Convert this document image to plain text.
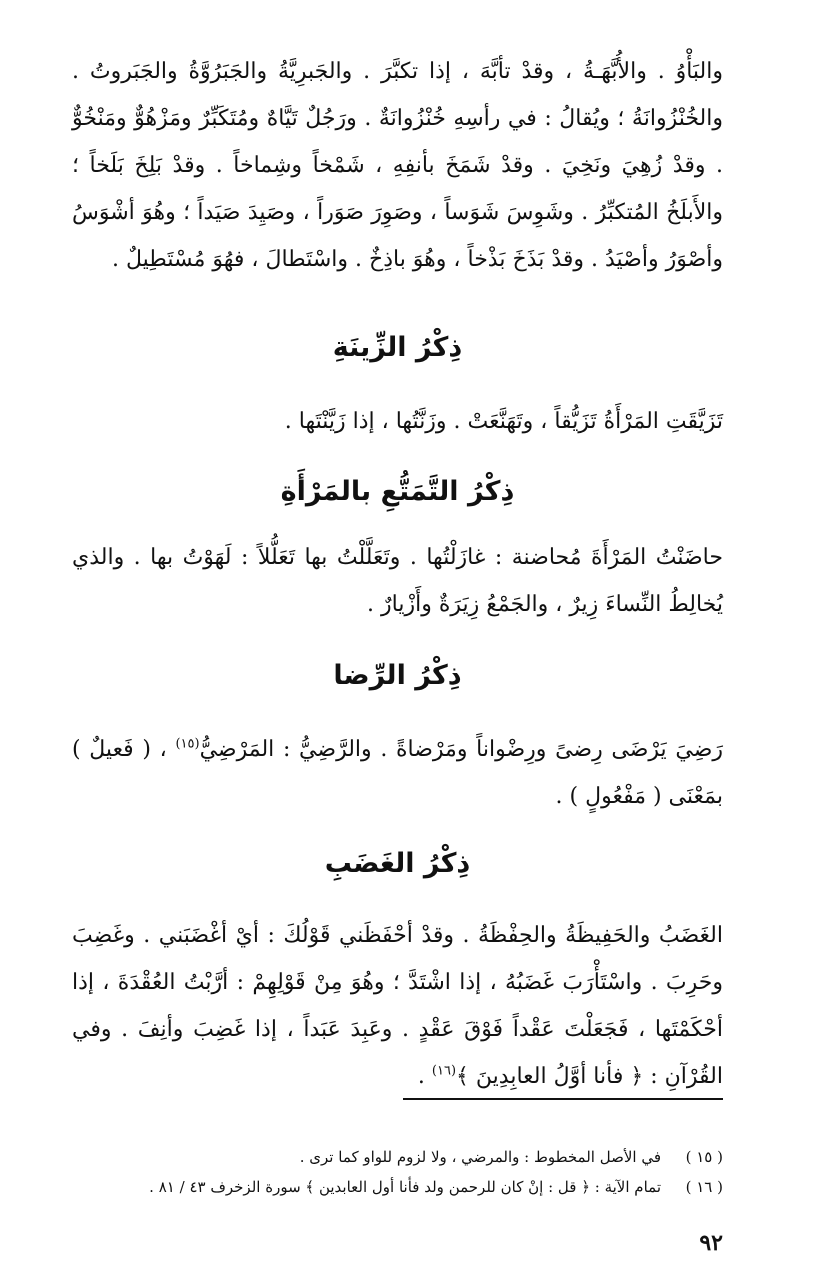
والبَأْوُ . والأُبَّهَـةُ ، وقدْ تأبَّهَ ، إذا تكبَّرَ . والجَبرِيَّةُ والجَبَرُوَّةُ والجَبَروتُ . والخُنْزُوانَةُ ؛ ويُقالُ : في رأسِهِ خُنْزُوانَةٌ . ورَجُلٌ تَيَّاهٌ ومُتَكَبِّرٌ ومَزْهُوٌّ ومَنْخُوٌّ . وقدْ زُهِيَ ونَخِيَ . وقدْ شَمَخَ بأنفِهِ ، شَمْخاً وشِماخاً . وقدْ بَلِخَ بَلَخاً ؛ والأَبلَخُ المُتكبِّرُ . وشَوِسَ شَوَساً ، وصَوِرَ صَوَراً ، وصَيِدَ صَيَداً ؛ وهُوَ أشْوَسُ وأصْوَرُ وأصْيَدُ . وقدْ بَذَخَ بَذْخاً ، وهُوَ باذِخٌ . واسْتَطالَ ، فهُوَ مُسْتَطِيلٌ .

ذِكْرُ الزِّينَةِ

تَزَيَّقَتِ المَرْأَةُ تَزَيُّقاً ، وتَهَنَّعَتْ . وزَنَّتُها ، إذا زَيَّنْتَها .

ذِكْرُ التَّمَتُّعِ بالمَرْأَةِ

حاضَنْتُ المَرْأَةَ مُحاضنة : غازَلْتُها . وتَعَلَّلْتُ بها تَعَلُّلاً : لَهَوْتُ بها . والذي يُخالِطُ النِّساءَ زِيرٌ ، والجَمْعُ زِيَرَةٌ وأَزْيارٌ .

ذِكْرُ الرِّضا

رَضِيَ يَرْضَى رِضىً ورِضْواناً ومَرْضاةً . والرَّضِيُّ : المَرْضِيُّ$^{(١٥)}$ ، ( فَعيلٌ ) بمَعْنَى ( مَفْعُولٍ ) .

ذِكْرُ الغَضَبِ

الغَضَبُ والحَفِيظَةُ والحِفْظَةُ . وقدْ أحْفَظَني قَوْلُكَ : أيْ أغْضَبَني . وغَضِبَ وحَرِبَ . واسْتَأْرَبَ غَضَبُهُ ، إذا اشْتَدَّ ؛ وهُوَ مِنْ قَوْلِهِمْ : أرَّبْتُ العُقْدَةَ ، إذا أحْكَمْتَها ، فَجَعَلْتَ عَقْداً فَوْقَ عَقْدٍ . وعَبِدَ عَبَداً ، إذا غَضِبَ وأنِفَ . وفي القُرْآنِ : ﴿ فأنا أوَّلُ العابِدِينَ ﴾$^{(١٦)}$ .

( ١٥ )
في الأصل المخطوط : والمرضي ، ولا لزوم للواو كما ترى .

( ١٦ )
تمام الآية : ﴿ قل : إنْ كان للرحمن ولد فأنا أول العابدين ﴾ سورة الزخرف ٤٣ / ٨١ .

٩٢
